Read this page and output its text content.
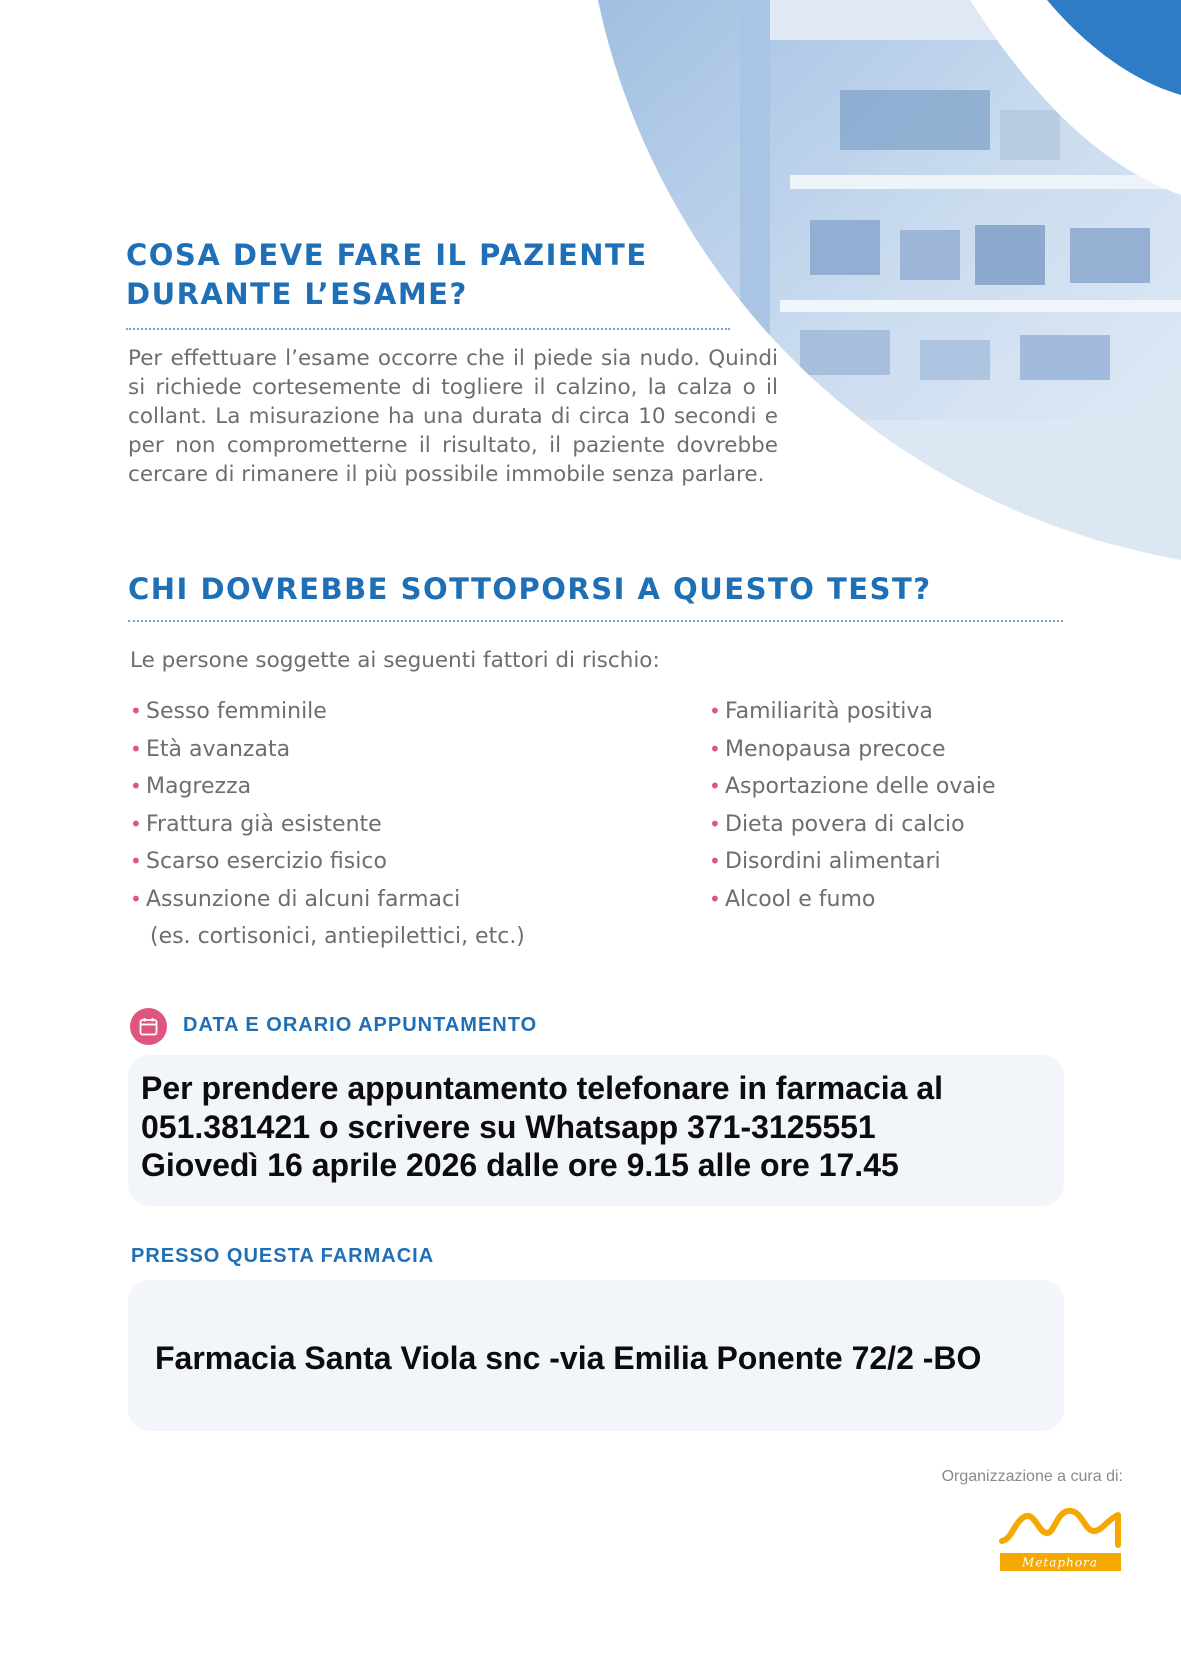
COSA DEVE FARE IL PAZIENTE DURANTE L’ESAME?

Per effettuare l’esame occorre che il piede sia nudo. Quindi si richiede cortesemente di togliere il calzino, la calza o il collant. La misurazione ha una durata di circa 10 secondi e per non comprometterne il risultato, il paziente dovrebbe cercare di rimanere il più possibile immobile senza parlare.

CHI DOVREBBE SOTTOPORSI A QUESTO TEST?

Le persone soggette ai seguenti fattori di rischio:

• Sesso femminile
• Età avanzata
• Magrezza
• Frattura già esistente
• Scarso esercizio fisico
• Assunzione di alcuni farmaci
(es. cortisonici, antiepilettici, etc.)
• Familiarità positiva
• Menopausa precoce
• Asportazione delle ovaie
• Dieta povera di calcio
• Disordini alimentari
• Alcool e fumo

DATA E ORARIO APPUNTAMENTO

Per prendere appuntamento telefonare in farmacia al
051.381421 o scrivere su Whatsapp 371-3125551
Giovedì 16 aprile 2026 dalle ore 9.15 alle ore 17.45

PRESSO QUESTA FARMACIA

Farmacia Santa Viola snc -via Emilia Ponente 72/2 -BO

Organizzazione a cura di:

Metaphora
